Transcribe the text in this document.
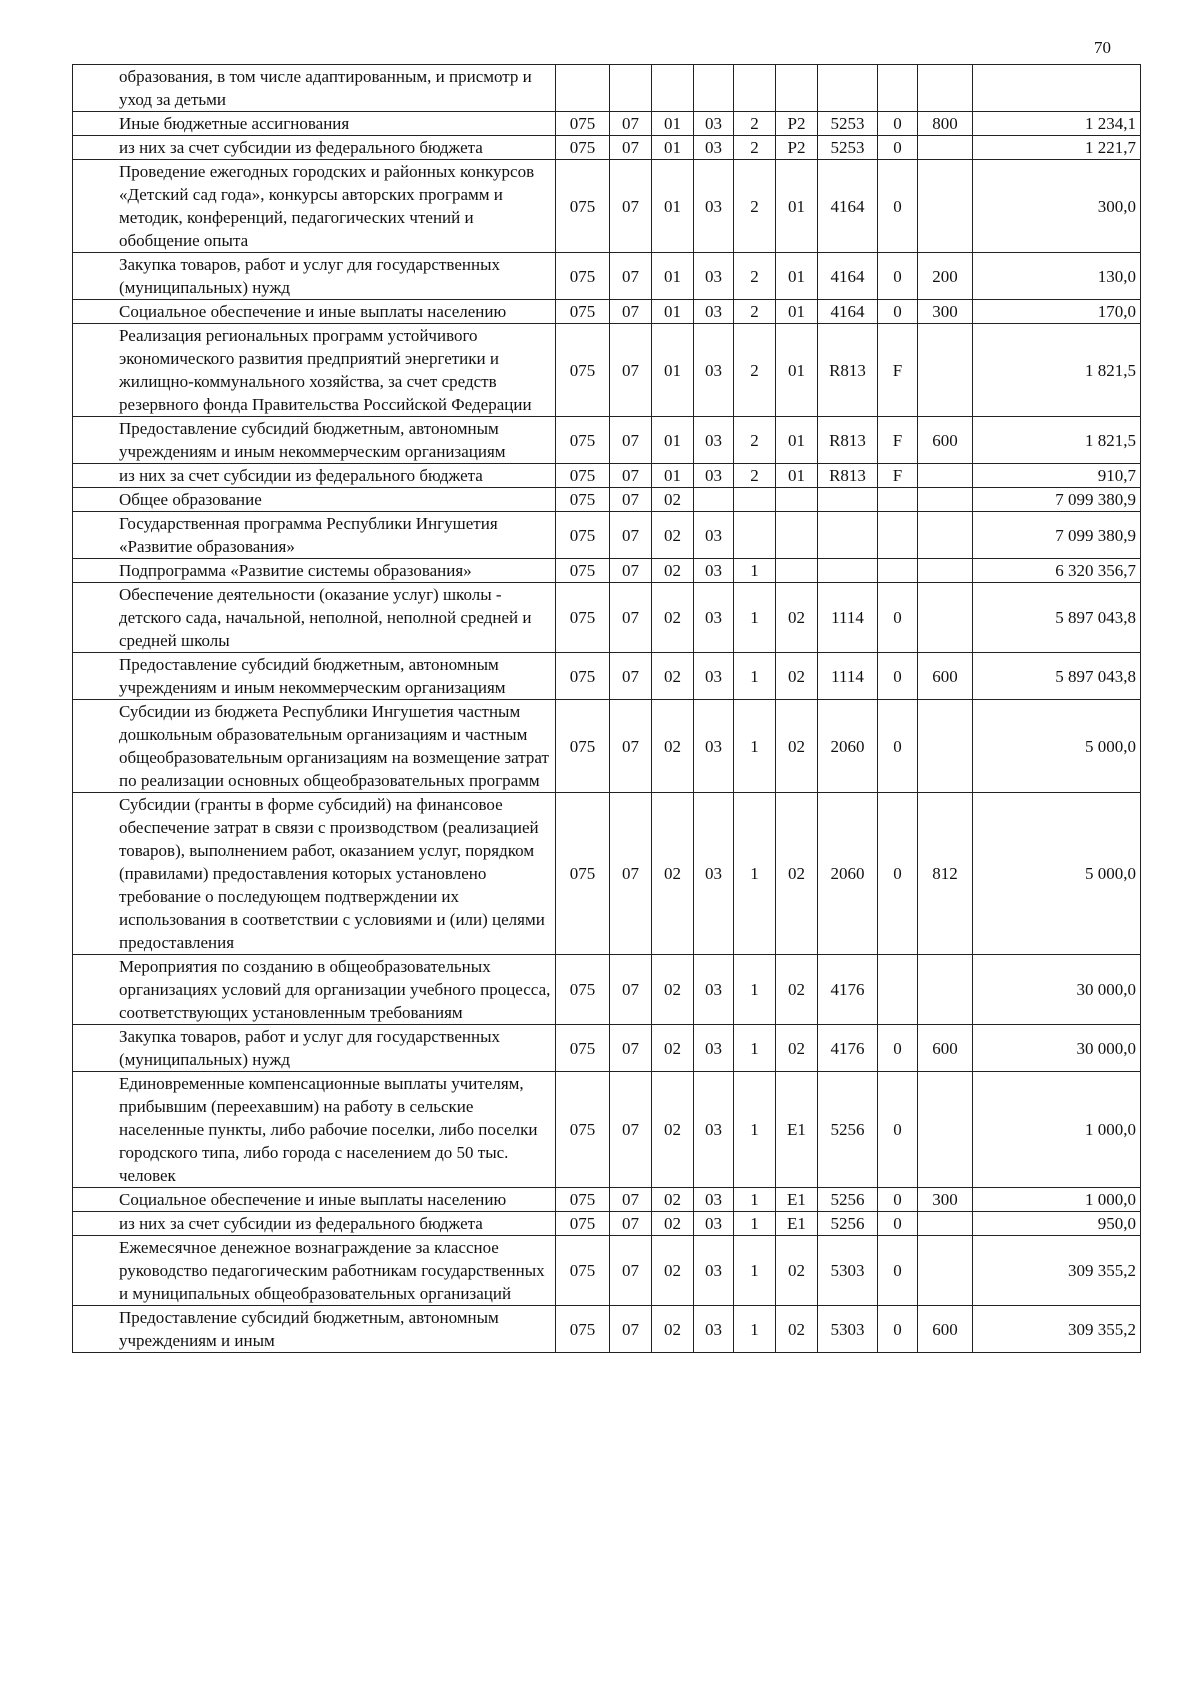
70
образования, в том числе адаптированным, и присмотр и уход за детьми										
Иные бюджетные ассигнования	075	07	01	03	2	P2	5253	0	800	1 234,1
из них за счет субсидии из федерального бюджета	075	07	01	03	2	P2	5253	0		1 221,7
Проведение ежегодных городских и районных конкурсов «Детский сад года», конкурсы авторских программ и методик, конференций, педагогических чтений и обобщение опыта	075	07	01	03	2	01	4164	0		300,0
Закупка товаров, работ и услуг для государственных (муниципальных) нужд	075	07	01	03	2	01	4164	0	200	130,0
Социальное обеспечение и иные выплаты населению	075	07	01	03	2	01	4164	0	300	170,0
Реализация региональных программ устойчивого экономического развития предприятий энергетики и жилищно-коммунального хозяйства, за счет средств резервного фонда Правительства Российской Федерации	075	07	01	03	2	01	R813	F		1 821,5
Предоставление субсидий бюджетным, автономным учреждениям и иным некоммерческим организациям	075	07	01	03	2	01	R813	F	600	1 821,5
из них за счет субсидии из федерального бюджета	075	07	01	03	2	01	R813	F		910,7
Общее образование	075	07	02							7 099 380,9
Государственная программа Республики Ингушетия «Развитие образования»	075	07	02	03						7 099 380,9
Подпрограмма «Развитие системы образования»	075	07	02	03	1					6 320 356,7
Обеспечение деятельности (оказание услуг) школы - детского сада, начальной, неполной, неполной средней и средней школы	075	07	02	03	1	02	1114	0		5 897 043,8
Предоставление субсидий бюджетным, автономным учреждениям и иным некоммерческим организациям	075	07	02	03	1	02	1114	0	600	5 897 043,8
Субсидии из бюджета Республики Ингушетия частным дошкольным образовательным организациям и частным общеобразовательным организациям на возмещение затрат по реализации основных общеобразовательных программ	075	07	02	03	1	02	2060	0		5 000,0
Субсидии (гранты в форме субсидий) на финансовое обеспечение затрат в связи с производством (реализацией товаров), выполнением работ, оказанием услуг, порядком (правилами) предоставления которых установлено требование о последующем подтверждении их использования в соответствии с условиями и (или) целями предоставления	075	07	02	03	1	02	2060	0	812	5 000,0
Мероприятия по созданию в общеобразовательных организациях условий для организации учебного процесса, соответствующих установленным требованиям	075	07	02	03	1	02	4176			30 000,0
Закупка товаров, работ и услуг для государственных (муниципальных) нужд	075	07	02	03	1	02	4176	0	600	30 000,0
Единовременные компенсационные выплаты учителям, прибывшим (переехавшим) на работу в сельские населенные пункты, либо рабочие поселки, либо поселки городского типа, либо города с населением до 50 тыс. человек	075	07	02	03	1	E1	5256	0		1 000,0
Социальное обеспечение и иные выплаты населению	075	07	02	03	1	E1	5256	0	300	1 000,0
из них за счет субсидии из федерального бюджета	075	07	02	03	1	E1	5256	0		950,0
Ежемесячное денежное вознаграждение за классное руководство педагогическим работникам государственных и муниципальных общеобразовательных организаций	075	07	02	03	1	02	5303	0		309 355,2
Предоставление субсидий бюджетным, автономным учреждениям и иным	075	07	02	03	1	02	5303	0	600	309 355,2
